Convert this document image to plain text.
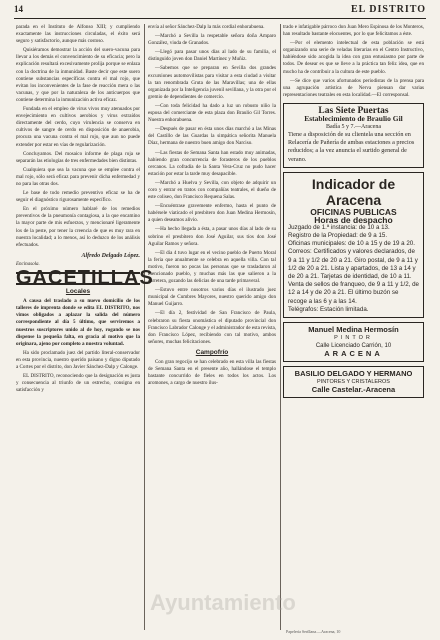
14	EL DISTRITO

parada en el Instituto de Alfonso XIII; y cumpliendo exactamente las instrucciones circuladas, el éxito será seguro y satisfactorio, aunque más costoso.

Quisiéramos demostrar la acción del suero-vacuna para llevar a los demás el convencimiento de su eficacia; pero la explicación resultará excesivamente prolija porque se enlaza con la doctrina de la inmunidad. Baste decir que este suero contiene substancias específicas contra el mal rojo, que evitan los inconvenientes de la fase de reacción mera o las vacunas, y que por la naturaleza de los anticuerpos que contiene determina la inmunización activa eficaz.

Fundada en el empleo de virus vivos muy atenuados por envejecimiento en cultivos aerobios y virus extraídos directamente del cerdo, cuyo virulencia se conserva en cultivos de sangre de cerdo en disposición de anaerobia, procura una vacuna contra el mal rojo, que aun no puede extender por estar en vías de regularización.

Concluyamos. Del mosaico informe de plaga roja se separarán las etiologías de tres enfermedades bien distintas.

Cualquiera que sea la vacuna que se emplee contra el mal rojo, sólo será eficaz para prevenir dicha enfermedad y no para las otras dos.

Le base de todo remedio preventivo eficaz se ha de seguir el diagnóstico rigurosamente específico.

En el próximo número hablaré de los remedios preventivos de la pneumonía contagiosa, a la que encamino la mayor parte de mis esfuerzos, y mencionaré ligeramente los de la peste, por tener la creencia de que es muy rara en nuestra localidad; a lo menos, así lo deduzco de los análisis efectuados.

Alfredo Delgado López.
Encinasola.
GACETILLAS
Locales

A causa del traslado a su nuevo domicilio de los talleres de imprenta donde se edita EL DISTRITO, nos vimos obligados a aplazar la salida del número correspondiente al día 5 último, que serviremos a nuestros suscriptores unido al de hoy, rogando se nos dispense la pequeña falta, en gracia al motivo que la originara, ajeno por completo a nuestra voluntad.

Ha sido proclamado juez del partido literal-conservador en esta provincia, nuestro querido paisano y digno diputado a Cortes por el distrito, don Javier Sánchez-Dalp y Calonge.

EL DISTRITO, reconociendo que la designación es justa y consecuencia al triunfo de un estrecho, consigna en satisfacción y

envía al señor Sánchez-Dalp la más cordial enhorabuena.

—Marchó a Sevilla la respetable señora doña Amparo González, viuda de Granados.

—Llegó para pasar unos días al lado de su familia, el distinguido joven don Daniel Martínez y Muñiz.

—Sabemos que se preparan en Sevilla dos grandes excursiones automovilistas para visitar a esta ciudad a visitar la tan renombrada Gruta de las Maravillas; una de ellas organizada por la Inteligencia juvenil sevillana, y la otra por el gremio de dependientes de comercio.

—Con toda felicidad ha dado a luz un robusto niño la esposa del comerciante de esta plaza don Braulio Gil Torres. Nuestra enhorabuena.

—Después de pasar en ésta unos días marchó a las Minas del Castillo de las Guardas la simpática señorita Manuela Díaz, hermana de nuestro buen amigo don Narciso.

—Las fiestas de Semana Santa han estado muy animadas, habiendo gran concurrencia de forasteros de los pueblos cercanos. La cofradía de la Santa Vera-Cruz no pudo hacer estación por estar la tarde muy desapacible.

—Marchó a Huelva y Sevilla, con objeto de adquirir un coro y entrar en tratos con compañías teatrales, el dueño de este coliseo, don Francisco Requena Salas.

—Encuéntrase gravemente enfermo, hasta el punto de habérsele viaticado el presbítero don Juan Medina Hermosín, a quien deseamos alivio.

—Ha hecho llegada a ésta, a pasar unos días al lado de su sobrino el presbítero don José Aguilar, sus tíos don José Aguilar Ramos y señora.

—El día 4 tuvo lugar en el vecino pueblo de Puerto Moral la feria que anualmente se celebra en aquella villa. Con tal motivo, fueron no pocas las personas que se trasladaron al mencionado pueblo, y muchas más las que salieron a la carretera, gozando las delicias de una tarde primaveral.

—Estuvo entre nosotros varios días el ilustrado juez municipal de Cumbres Mayores, nuestro querido amigo don Manuel Guijarro.

—El día 2, festividad de San Francisco de Paula, celebraron su fiesta onomástica el diputado provincial don Francisco Labrador Calonge y el administrador de esta revista, don Francisco López, recibiendo con tal motivo, ambos señores, muchas felicitaciones.

Campofrío

Con gran regocijo se han celebrado en esta villa las fiestas de Semana Santa en el presente año, hallándose el templo bastante concurrido de fieles en todos los actos. Los aromones, a cargo de nuestro ilus-

trado e infatigable párroco don Juan Mero Espinosa de los Monteros, han resultado bastante elocuentes, por lo que felicitamos a éste.

—Por el elemento intelectual de esta población se está organizando una serie de veladas literarias en el Centro Instructivo, habiéndose sido acogida la idea con gran entusiasmo por parte de todos. De desear es que se lleve a la práctica tan feliz idea, que en mucho ha de contribuir a la cultura de este pueblo.

—Se dice que varios afortunados periodistas de la prensa para una agrupación artística de Nerva piensan dar varias representaciones teatrales en esta localidad.—El corresponsal.

Las Siete Puertas
Establecimiento de Braulio Gil
Badía 5 y 7.—Aracena
Tiene a disposición de su clientela una sección en Relacería de Pañería de ambas estaciones a precios reducidos; a la vez anuncia el surtido general de verano.
Indicador de Aracena
OFICINAS PUBLICAS
Horas de despacho
Juzgado de 1.ª instancia: de 10 a 13.
Registro de la Propiedad: de 9 a 15.
Oficinas municipales: de 10 a 15 y de 19 a 20.
Correos: Certificados y valores declarados, de 9 a 11 y 1/2 de 20 a 21. Giro postal, de 9 a 11 y 1/2 de 20 a 21. Lista y apartados, de 13 a 14 y de 20 a 21. Tarjetas de identidad, de 10 a 11. Venta de sellos de franqueo, de 9 a 11 y 1/2, de 12 a 14 y de 20 a 21. El último buzón se recoge a las 6 y a las 14.
Telégrafos: Estación limitada.
Manuel Medina Hermosín
PINTOR
Calle Licenciado Carrión, 10
ARACENA
BASILIO DELGADO Y HERMANO
PINTORES Y CRISTALEROS
Calle Castelar.-Aracena
Ayuntamiento
Papelería Serillana.—Aracena, 10
